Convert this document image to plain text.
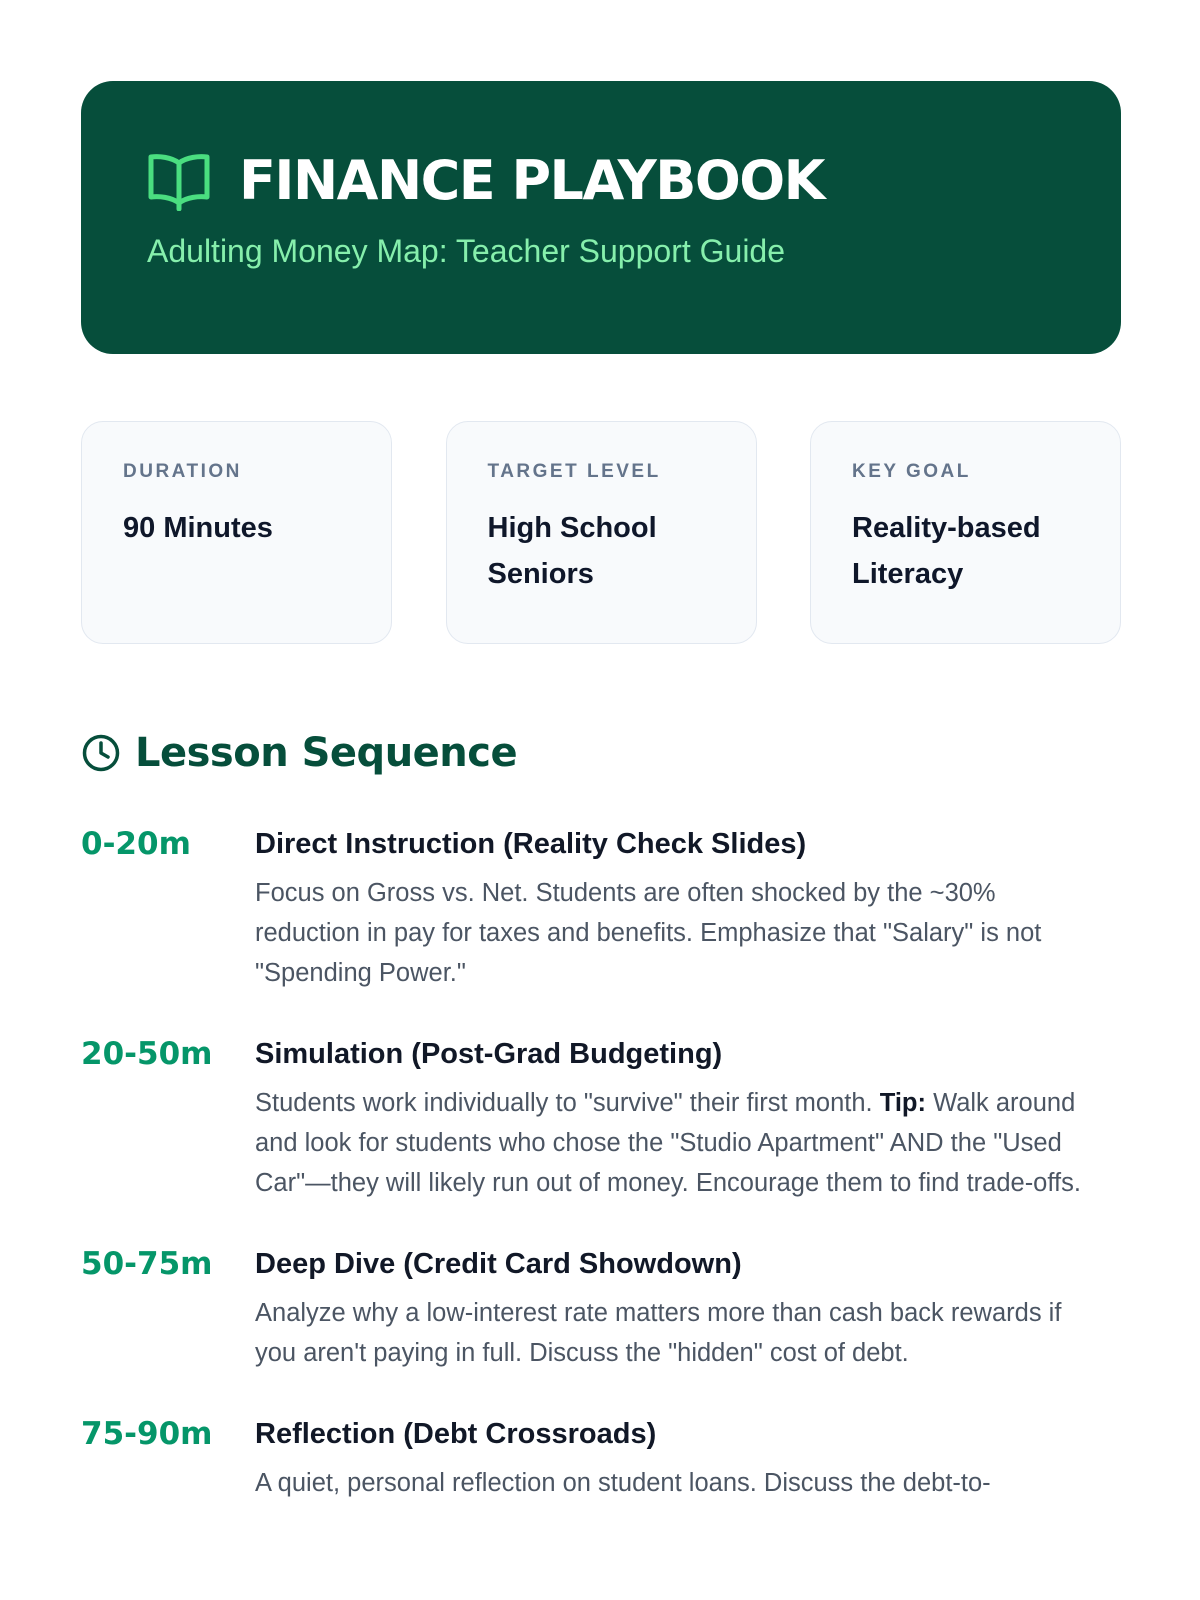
FINANCE PLAYBOOK
Adulting Money Map: Teacher Support Guide
DURATION
90 Minutes
TARGET LEVEL
High School Seniors
KEY GOAL
Reality-based Literacy
Lesson Sequence
0-20m	Direct Instruction (Reality Check Slides)
Focus on Gross vs. Net. Students are often shocked by the ~30% reduction in pay for taxes and benefits. Emphasize that "Salary" is not "Spending Power."
20-50m	Simulation (Post-Grad Budgeting)
Students work individually to "survive" their first month. Tip: Walk around and look for students who chose the "Studio Apartment" AND the "Used Car"—they will likely run out of money. Encourage them to find trade-offs.
50-75m	Deep Dive (Credit Card Showdown)
Analyze why a low-interest rate matters more than cash back rewards if you aren't paying in full. Discuss the "hidden" cost of debt.
75-90m	Reflection (Debt Crossroads)
A quiet, personal reflection on student loans. Discuss the debt-to-
